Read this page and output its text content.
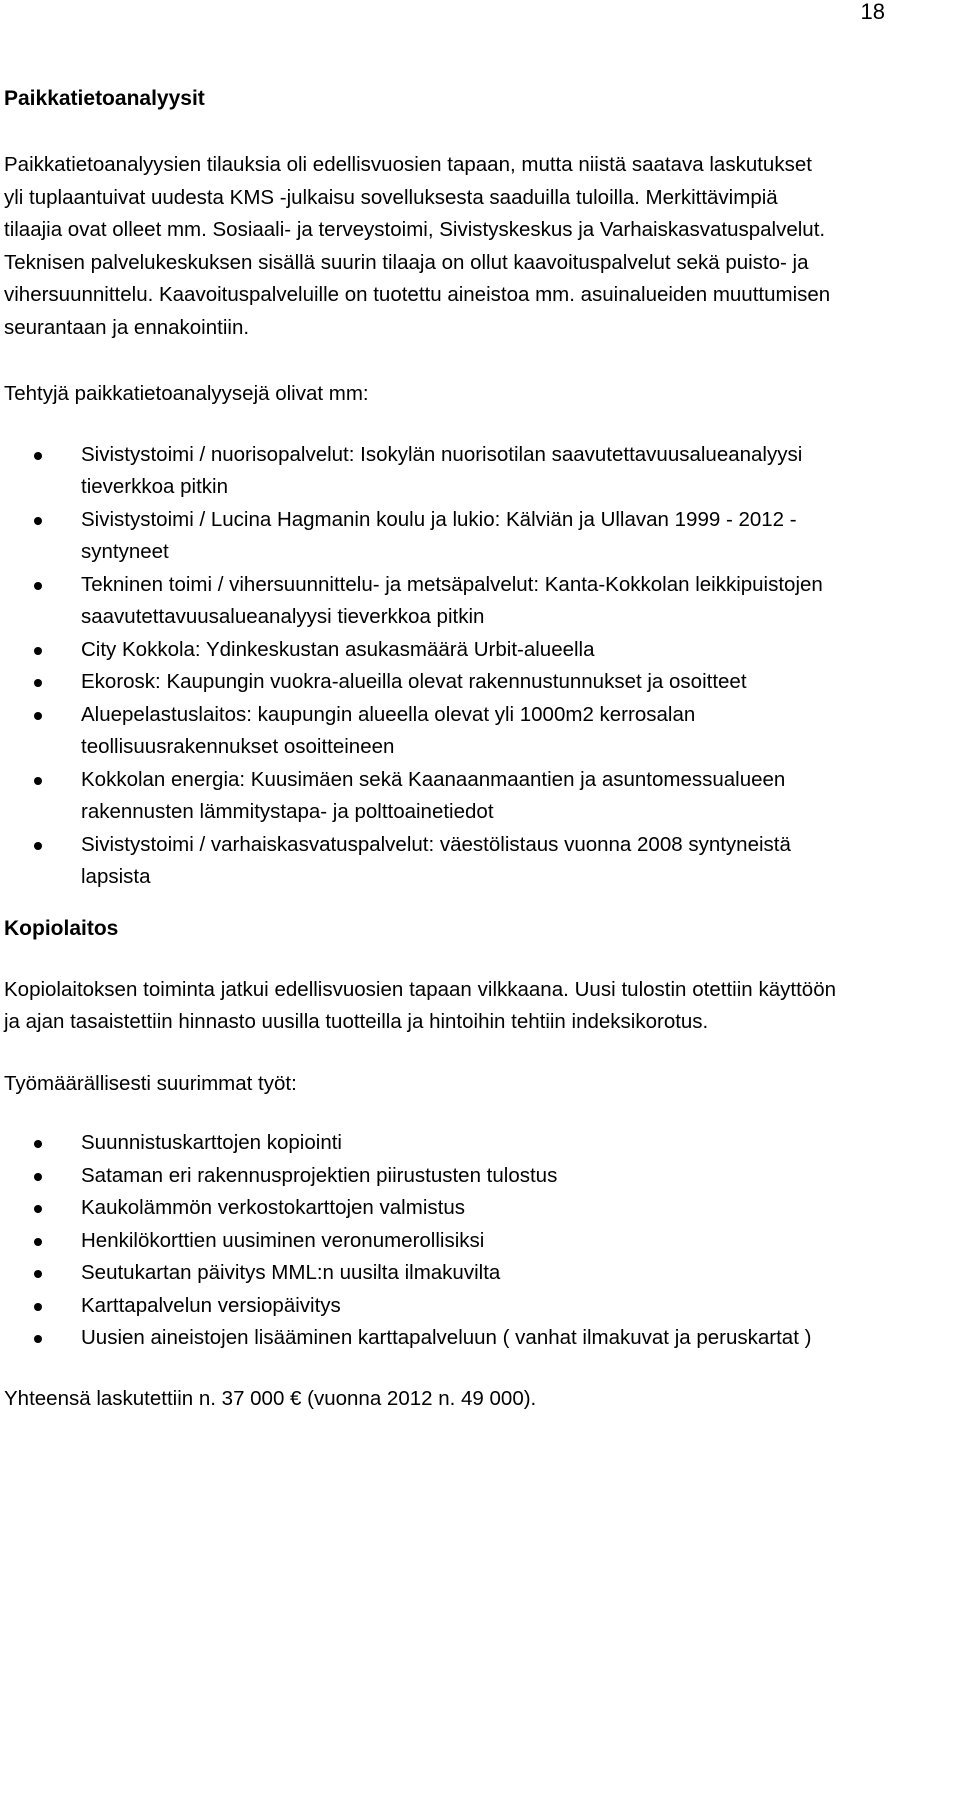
18
Paikkatietoanalyysit

Paikkatietoanalyysien tilauksia oli edellisvuosien tapaan, mutta niistä saatava laskutukset yli tuplaantuivat uudesta KMS -julkaisu sovelluksesta saaduilla tuloilla. Merkittävimpiä tilaajia ovat olleet mm. Sosiaali- ja terveystoimi, Sivistyskeskus ja Varhaiskasvatuspalvelut. Teknisen palvelukeskuksen sisällä suurin tilaaja on ollut kaavoituspalvelut sekä puisto- ja vihersuunnittelu. Kaavoituspalveluille on tuotettu aineistoa mm. asuinalueiden muuttumisen seurantaan ja ennakointiin.

Tehtyjä paikkatietoanalyysejä olivat mm:

Sivistystoimi / nuorisopalvelut: Isokylän nuorisotilan saavutettavuusalueanalyysi tieverkkoa pitkin
Sivistystoimi / Lucina Hagmanin koulu ja lukio: Kälviän ja Ullavan 1999 - 2012 -syntyneet
Tekninen toimi / vihersuunnittelu- ja metsäpalvelut: Kanta-Kokkolan leikkipuistojen saavutettavuusalueanalyysi tieverkkoa pitkin
City Kokkola: Ydinkeskustan asukasmäärä Urbit-alueella
Ekorosk: Kaupungin vuokra-alueilla olevat rakennustunnukset ja osoitteet
Aluepelastuslaitos: kaupungin alueella olevat yli 1000m2 kerrosalan teollisuusrakennukset osoitteineen
Kokkolan energia: Kuusimäen sekä Kaanaanmaantien ja asuntomessualueen rakennusten lämmitystapa- ja polttoainetiedot
Sivistystoimi / varhaiskasvatuspalvelut: väestölistaus vuonna 2008 syntyneistä lapsista
Kopiolaitos

Kopiolaitoksen toiminta jatkui edellisvuosien tapaan vilkkaana. Uusi tulostin otettiin käyttöön ja ajan tasaistettiin hinnasto uusilla tuotteilla ja hintoihin tehtiin indeksikorotus.

Työmäärällisesti suurimmat työt:

Suunnistuskarttojen kopiointi
Sataman eri rakennusprojektien piirustusten tulostus
Kaukolämmön verkostokarttojen valmistus
Henkilökorttien uusiminen veronumerollisiksi
Seutukartan päivitys MML:n uusilta ilmakuvilta
Karttapalvelun versiopäivitys
Uusien aineistojen lisääminen karttapalveluun ( vanhat ilmakuvat ja peruskartat )

Yhteensä laskutettiin n. 37 000 € (vuonna 2012 n. 49 000).
